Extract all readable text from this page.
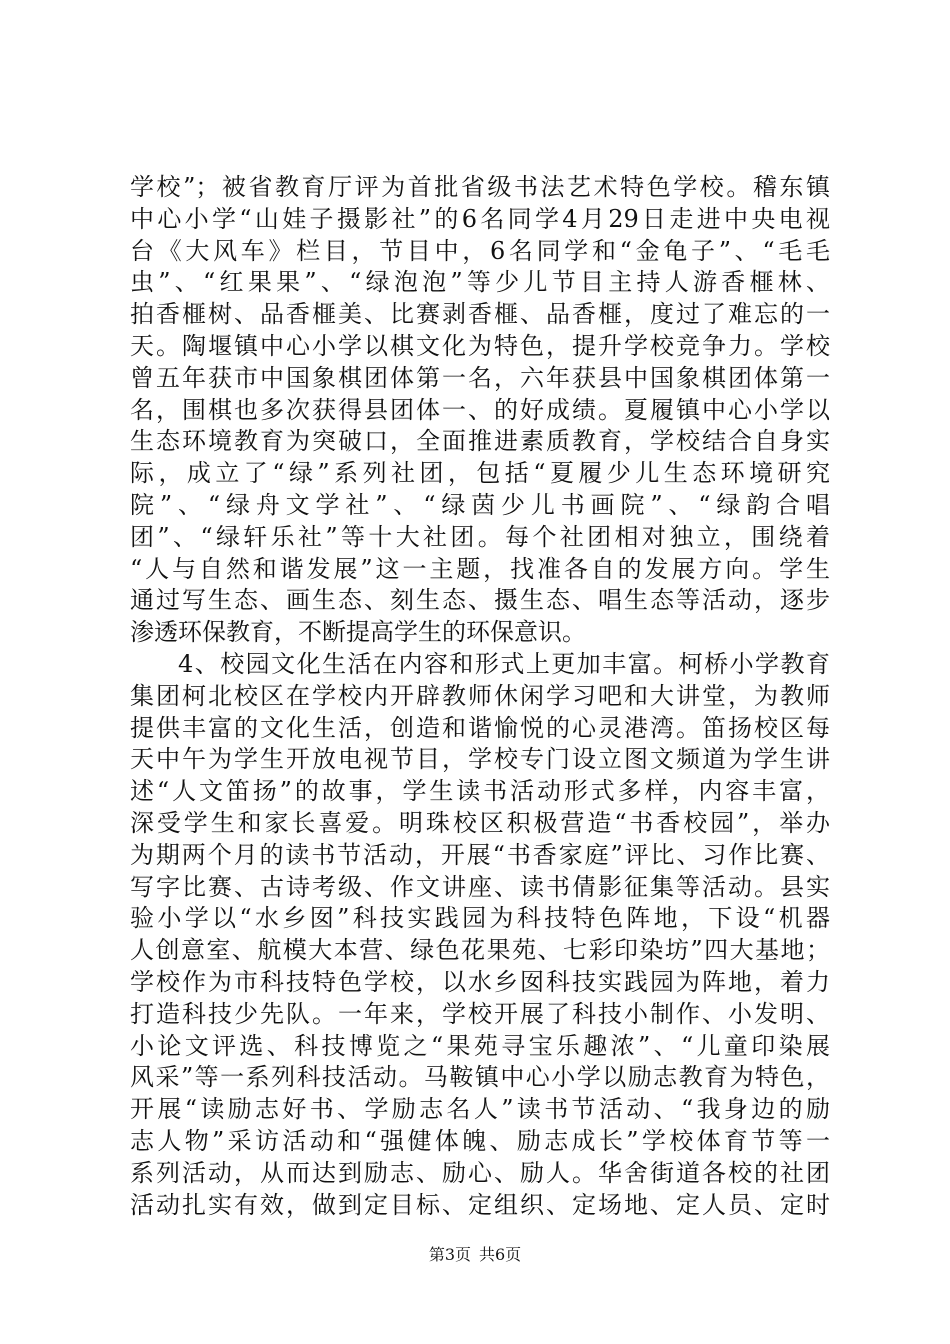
学校”；被省教育厅评为首批省级书法艺术特色学校。稽东镇
中心小学“山娃子摄影社”的6名同学4月29日走进中央电视
台《大风车》栏目，节目中，6名同学和“金龟子”、“毛毛
虫”、“红果果”、“绿泡泡”等少儿节目主持人游香榧林、
拍香榧树、品香榧美、比赛剥香榧、品香榧，度过了难忘的一
天。陶堰镇中心小学以棋文化为特色，提升学校竞争力。学校
曾五年获市中国象棋团体第一名，六年获县中国象棋团体第一
名，围棋也多次获得县团体一、的好成绩。夏履镇中心小学以
生态环境教育为突破口，全面推进素质教育，学校结合自身实
际，成立了“绿”系列社团，包括“夏履少儿生态环境研究
院”、“绿舟文学社”、“绿茵少儿书画院”、“绿韵合唱
团”、“绿轩乐社”等十大社团。每个社团相对独立，围绕着
“人与自然和谐发展”这一主题，找准各自的发展方向。学生
通过写生态、画生态、刻生态、摄生态、唱生态等活动，逐步
渗透环保教育，不断提高学生的环保意识。
4、校园文化生活在内容和形式上更加丰富。柯桥小学教育
集团柯北校区在学校内开辟教师休闲学习吧和大讲堂，为教师
提供丰富的文化生活，创造和谐愉悦的心灵港湾。笛扬校区每
天中午为学生开放电视节目，学校专门设立图文频道为学生讲
述“人文笛扬”的故事，学生读书活动形式多样，内容丰富，
深受学生和家长喜爱。明珠校区积极营造“书香校园”，举办
为期两个月的读书节活动，开展“书香家庭”评比、习作比赛、
写字比赛、古诗考级、作文讲座、读书倩影征集等活动。县实
验小学以“水乡囡”科技实践园为科技特色阵地，下设“机器
人创意室、航模大本营、绿色花果苑、七彩印染坊”四大基地；
学校作为市科技特色学校，以水乡囡科技实践园为阵地，着力
打造科技少先队。一年来，学校开展了科技小制作、小发明、
小论文评选、科技博览之“果苑寻宝乐趣浓”、“儿童印染展
风采”等一系列科技活动。马鞍镇中心小学以励志教育为特色，
开展“读励志好书、学励志名人”读书节活动、“我身边的励
志人物”采访活动和“强健体魄、励志成长”学校体育节等一
系列活动，从而达到励志、励心、励人。华舍街道各校的社团
活动扎实有效，做到定目标、定组织、定场地、定人员、定时
第3页 共6页
